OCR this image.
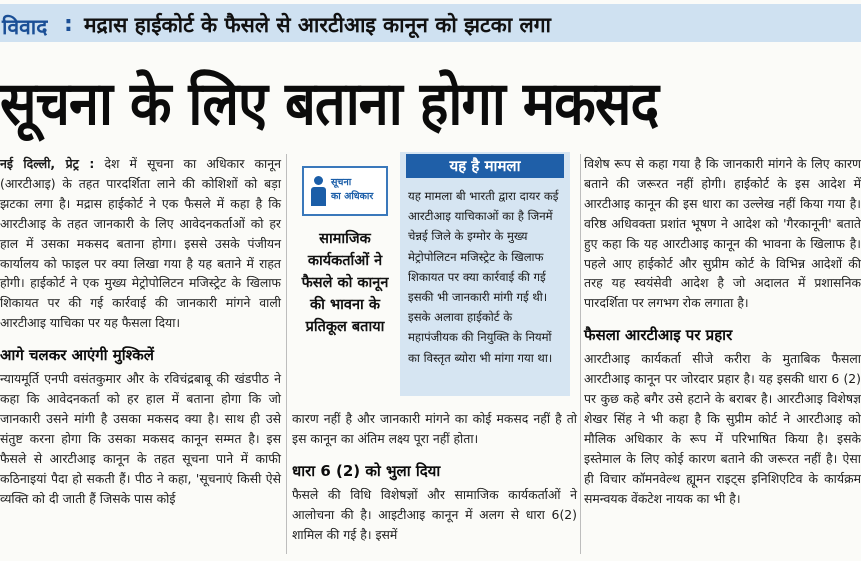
विवाद : मद्रास हाईकोर्ट के फैसले से आरटीआइ कानून को झटका लगा
सूचना के लिए बताना होगा मकसद

नई दिल्ली, प्रेट्र : देश में सूचना का अधिकार कानून (आरटीआइ) के तहत पारदर्शिता लाने की कोशिशों को बड़ा झटका लगा है। मद्रास हाईकोर्ट ने एक फैसले में कहा है कि आरटीआइ के तहत जानकारी के लिए आवेदनकर्ताओं को हर हाल में उसका मकसद बताना होगा। इससे उसके पंजीयन कार्यालय को फाइल पर क्या लिखा गया है यह बताने में राहत होगी। हाईकोर्ट ने एक मुख्य मेट्रोपोलिटन मजिस्ट्रेट के खिलाफ शिकायत पर की गई कार्रवाई की जानकारी मांगने वाली आरटीआइ याचिका पर यह फैसला दिया।

आगे चलकर आएंगी मुश्किलें

न्यायमूर्ति एनपी वसंतकुमार और के रविचंद्रबाबू की खंडपीठ ने कहा कि आवेदनकर्ता को हर हाल में बताना होगा कि जो जानकारी उसने मांगी है उसका मकसद क्या है। साथ ही उसे संतुष्ट करना होगा कि उसका मकसद कानून सम्मत है। इस फैसले से आरटीआइ कानून के तहत सूचना पाने में काफी कठिनाइयां पैदा हो सकती हैं। पीठ ने कहा, 'सूचनाएं किसी ऐसे व्यक्ति को दी जाती हैं जिसके पास कोई

सूचना
का अधिकार
सामाजिक कार्यकर्ताओं ने फैसले को कानून की भावना के प्रतिकूल बताया
यह है मामला
यह मामला बी भारती द्वारा दायर कई आरटीआइ याचिकाओं का है जिनमें चेन्नई जिले के इग्मोर के मुख्य मेट्रोपोलिटन मजिस्ट्रेट के खिलाफ शिकायत पर क्या कार्रवाई की गई इसकी भी जानकारी मांगी गई थी। इसके अलावा हाईकोर्ट के महापंजीयक की नियुक्ति के नियमों का विस्तृत ब्योरा भी मांगा गया था।

कारण नहीं है और जानकारी मांगने का कोई मकसद नहीं है तो इस कानून का अंतिम लक्ष्य पूरा नहीं होता।

धारा 6 (2) को भुला दिया

फैसले की विधि विशेषज्ञों और सामाजिक कार्यकर्ताओं ने आलोचना की है। आइटीआइ कानून में अलग से धारा 6(2) शामिल की गई है। इसमें

विशेष रूप से कहा गया है कि जानकारी मांगने के लिए कारण बताने की जरूरत नहीं होगी। हाईकोर्ट के इस आदेश में आरटीआइ कानून की इस धारा का उल्लेख नहीं किया गया है। वरिष्ठ अधिवक्ता प्रशांत भूषण ने आदेश को 'गैरकानूनी' बताते हुए कहा कि यह आरटीआइ कानून की भावना के खिलाफ है। पहले आए हाईकोर्ट और सुप्रीम कोर्ट के विभिन्न आदेशों की तरह यह स्वयंसेवी आदेश है जो अदालत में प्रशासनिक पारदर्शिता पर लगभग रोक लगाता है।

फैसला आरटीआइ पर प्रहार

आरटीआइ कार्यकर्ता सीजे करीरा के मुताबिक फैसला आरटीआइ कानून पर जोरदार प्रहार है। यह इसकी धारा 6 (2) पर कुछ कहे बगैर उसे हटाने के बराबर है। आरटीआइ विशेषज्ञ शेखर सिंह ने भी कहा है कि सुप्रीम कोर्ट ने आरटीआइ को मौलिक अधिकार के रूप में परिभाषित किया है। इसके इस्तेमाल के लिए कोई कारण बताने की जरूरत नहीं है। ऐसा ही विचार कॉमनवेल्थ ह्यूमन राइट्स इनिशिएटिव के कार्यक्रम समन्वयक वेंकटेश नायक का भी है।
